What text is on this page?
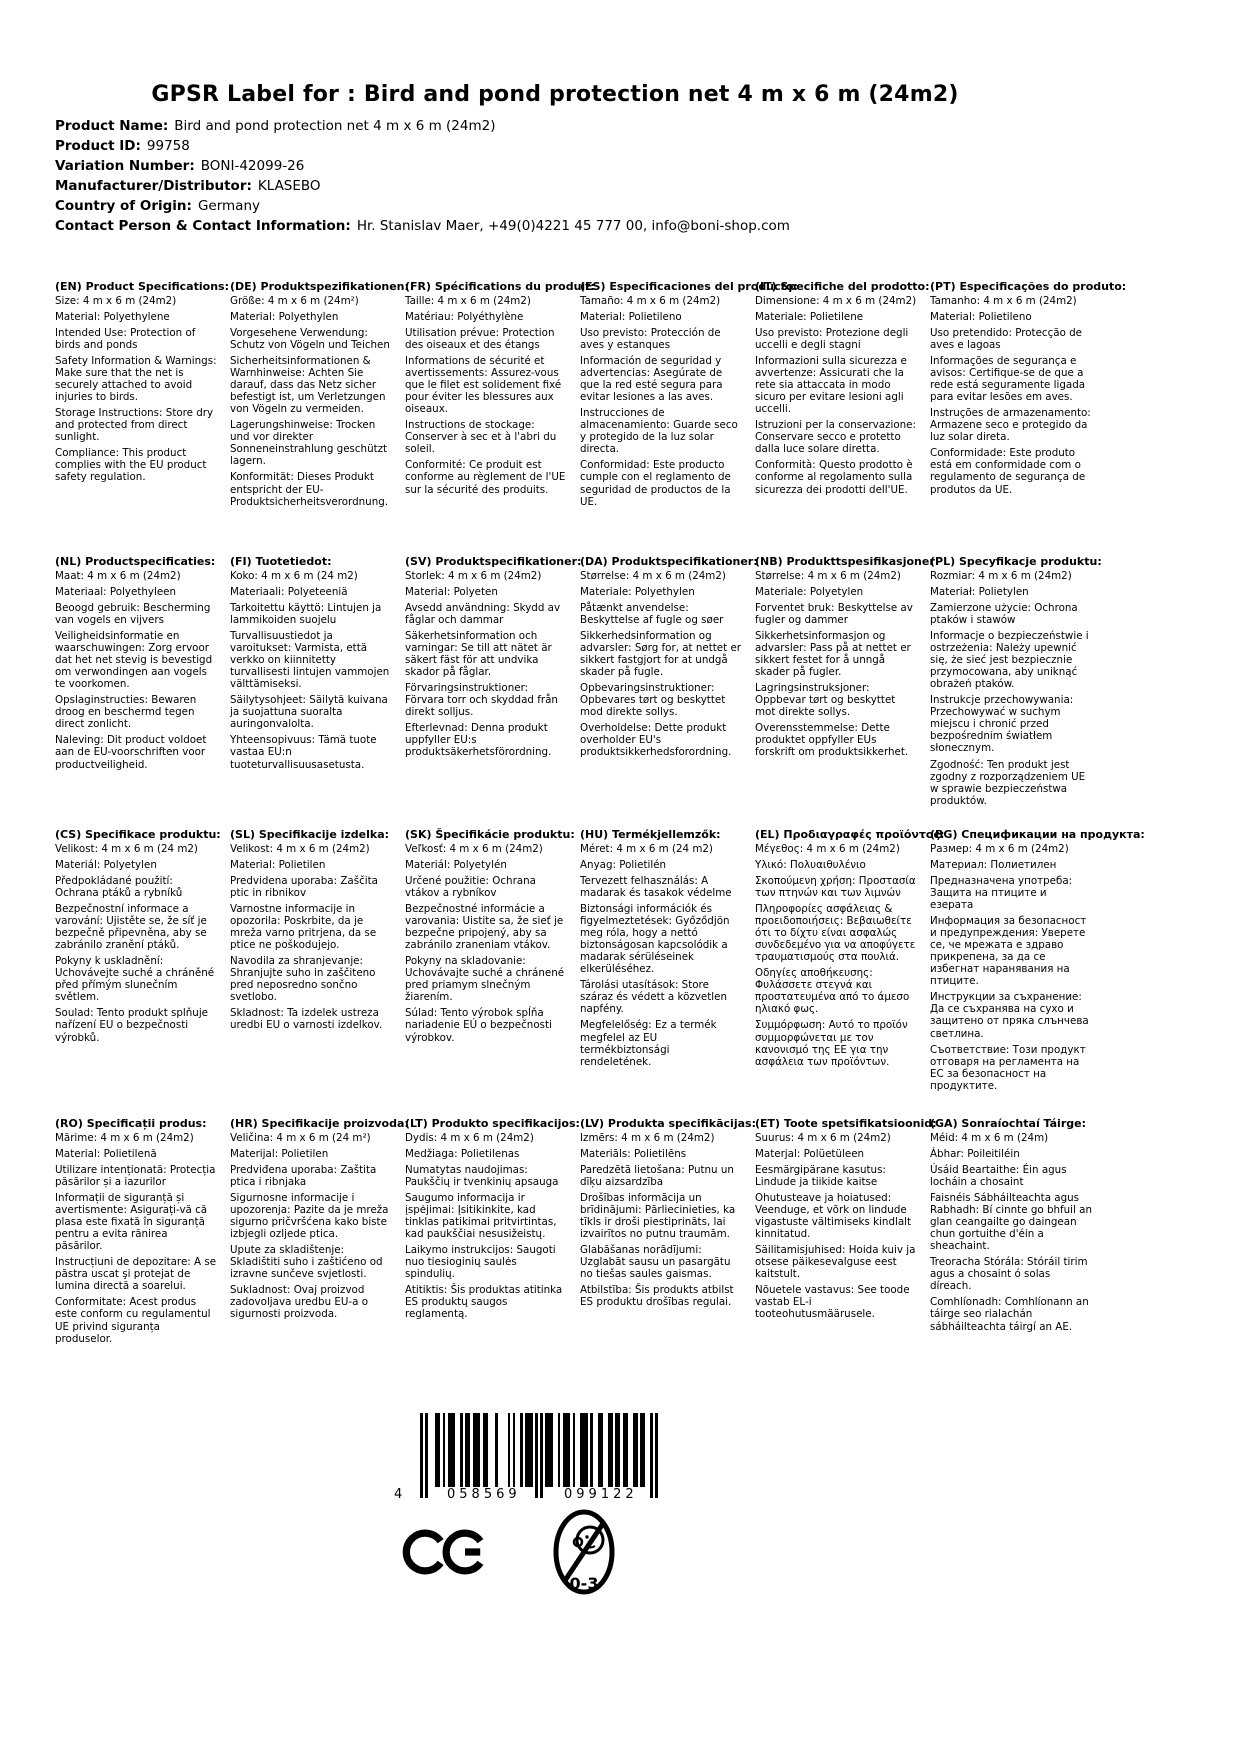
GPSR Label for : Bird and pond protection net 4 m x 6 m (24m2)
Product Name: Bird and pond protection net 4 m x 6 m (24m2)
Product ID: 99758
Variation Number: BONI-42099-26
Manufacturer/Distributor: KLASEBO
Country of Origin: Germany
Contact Person & Contact Information: Hr. Stanislav Maer, +49(0)4221 45 777 00, info@boni-shop.com
(EN) Product Specifications:

Size: 4 m x 6 m (24m2)

Material: Polyethylene

Intended Use: Protection of birds and ponds

Safety Information & Warnings: Make sure that the net is securely attached to avoid injuries to birds.

Storage Instructions: Store dry and protected from direct sunlight.

Compliance: This product complies with the EU product safety regulation.

(DE) Produktspezifikationen:

Größe: 4 m x 6 m (24m²)

Material: Polyethylen

Vorgesehene Verwendung: Schutz von Vögeln und Teichen

Sicherheitsinformationen & Warnhinweise: Achten Sie darauf, dass das Netz sicher befestigt ist, um Verletzungen von Vögeln zu vermeiden.

Lagerungshinweise: Trocken und vor direkter Sonneneinstrahlung geschützt lagern.

Konformität: Dieses Produkt entspricht der EU-Produktsicherheitsverordnung.

(FR) Spécifications du produit:

Taille: 4 m x 6 m (24m2)

Matériau: Polyéthylène

Utilisation prévue: Protection des oiseaux et des étangs

Informations de sécurité et avertissements: Assurez-vous que le filet est solidement fixé pour éviter les blessures aux oiseaux.

Instructions de stockage: Conserver à sec et à l'abri du soleil.

Conformité: Ce produit est conforme au règlement de l'UE sur la sécurité des produits.

(ES) Especificaciones del producto:

Tamaño: 4 m x 6 m (24m2)

Material: Polietileno

Uso previsto: Protección de aves y estanques

Información de seguridad y advertencias: Asegúrate de que la red esté segura para evitar lesiones a las aves.

Instrucciones de almacenamiento: Guarde seco y protegido de la luz solar directa.

Conformidad: Este producto cumple con el reglamento de seguridad de productos de la UE.

(IT) Specifiche del prodotto:

Dimensione: 4 m x 6 m (24m2)

Materiale: Polietilene

Uso previsto: Protezione degli uccelli e degli stagni

Informazioni sulla sicurezza e avvertenze: Assicurati che la rete sia attaccata in modo sicuro per evitare lesioni agli uccelli.

Istruzioni per la conservazione: Conservare secco e protetto dalla luce solare diretta.

Conformità: Questo prodotto è conforme al regolamento sulla sicurezza dei prodotti dell'UE.

(PT) Especificações do produto:

Tamanho: 4 m x 6 m (24m2)

Material: Polietileno

Uso pretendido: Protecção de aves e lagoas

Informações de segurança e avisos: Certifique-se de que a rede está seguramente ligada para evitar lesões em aves.

Instruções de armazenamento: Armazene seco e protegido da luz solar direta.

Conformidade: Este produto está em conformidade com o regulamento de segurança de produtos da UE.

(NL) Productspecificaties:

Maat: 4 m x 6 m (24m2)

Materiaal: Polyethyleen

Beoogd gebruik: Bescherming van vogels en vijvers

Veiligheidsinformatie en waarschuwingen: Zorg ervoor dat het net stevig is bevestigd om verwondingen aan vogels te voorkomen.

Opslaginstructies: Bewaren droog en beschermd tegen direct zonlicht.

Naleving: Dit product voldoet aan de EU-voorschriften voor productveiligheid.

(FI) Tuotetiedot:

Koko: 4 m x 6 m (24 m2)

Materiaali: Polyeteeniä

Tarkoitettu käyttö: Lintujen ja lammikoiden suojelu

Turvallisuustiedot ja varoitukset: Varmista, että verkko on kiinnitetty turvallisesti lintujen vammojen välttämiseksi.

Säilytysohjeet: Säilytä kuivana ja suojattuna suoralta auringonvalolta.

Yhteensopivuus: Tämä tuote vastaa EU:n tuoteturvallisuusasetusta.

(SV) Produktspecifikationer:

Storlek: 4 m x 6 m (24m2)

Material: Polyeten

Avsedd användning: Skydd av fåglar och dammar

Säkerhetsinformation och varningar: Se till att nätet är säkert fäst för att undvika skador på fåglar.

Förvaringsinstruktioner: Förvara torr och skyddad från direkt solljus.

Efterlevnad: Denna produkt uppfyller EU:s produktsäkerhetsförordning.

(DA) Produktspecifikationer:

Størrelse: 4 m x 6 m (24m2)

Materiale: Polyethylen

Påtænkt anvendelse: Beskyttelse af fugle og søer

Sikkerhedsinformation og advarsler: Sørg for, at nettet er sikkert fastgjort for at undgå skader på fugle.

Opbevaringsinstruktioner: Opbevares tørt og beskyttet mod direkte sollys.

Overholdelse: Dette produkt overholder EU's produktsikkerhedsforordning.

(NB) Produkttspesifikasjoner:

Størrelse: 4 m x 6 m (24m2)

Materiale: Polyetylen

Forventet bruk: Beskyttelse av fugler og dammer

Sikkerhetsinformasjon og advarsler: Pass på at nettet er sikkert festet for å unngå skader på fugler.

Lagringsinstruksjoner: Oppbevar tørt og beskyttet mot direkte sollys.

Overensstemmelse: Dette produktet oppfyller EUs forskrift om produktsikkerhet.

(PL) Specyfikacje produktu:

Rozmiar: 4 m x 6 m (24m2)

Materiał: Polietylen

Zamierzone użycie: Ochrona ptaków i stawów

Informacje o bezpieczeństwie i ostrzeżenia: Należy upewnić się, że sieć jest bezpiecznie przymocowana, aby uniknąć obrażeń ptaków.

Instrukcje przechowywania: Przechowywać w suchym miejscu i chronić przed bezpośrednim światłem słonecznym.

Zgodność: Ten produkt jest zgodny z rozporządzeniem UE w sprawie bezpieczeństwa produktów.

(CS) Specifikace produktu:

Velikost: 4 m x 6 m (24 m2)

Materiál: Polyetylen

Předpokládané použití: Ochrana ptáků a rybníků

Bezpečnostní informace a varování: Ujistěte se, že síť je bezpečně připevněna, aby se zabránilo zranění ptáků.

Pokyny k uskladnění: Uchovávejte suché a chráněné před přímým slunečním světlem.

Soulad: Tento produkt splňuje nařízení EU o bezpečnosti výrobků.

(SL) Specifikacije izdelka:

Velikost: 4 m x 6 m (24m2)

Material: Polietilen

Predvidena uporaba: Zaščita ptic in ribnikov

Varnostne informacije in opozorila: Poskrbite, da je mreža varno pritrjena, da se ptice ne poškodujejo.

Navodila za shranjevanje: Shranjujte suho in zaščiteno pred neposredno sončno svetlobo.

Skladnost: Ta izdelek ustreza uredbi EU o varnosti izdelkov.

(SK) Špecifikácie produktu:

Veľkosť: 4 m x 6 m (24m2)

Materiál: Polyetylén

Určené použitie: Ochrana vtákov a rybníkov

Bezpečnostné informácie a varovania: Uistite sa, že sieť je bezpečne pripojený, aby sa zabránilo zraneniam vtákov.

Pokyny na skladovanie: Uchovávajte suché a chránené pred priamym slnečným žiarením.

Súlad: Tento výrobok spĺňa nariadenie EÚ o bezpečnosti výrobkov.

(HU) Termékjellemzők:

Méret: 4 m x 6 m (24 m2)

Anyag: Polietilén

Tervezett felhasználás: A madarak és tasakok védelme

Biztonsági információk és figyelmeztetések: Győződjön meg róla, hogy a nettó biztonságosan kapcsolódik a madarak sérüléseinek elkerüléséhez.

Tárolási utasítások: Store száraz és védett a közvetlen napfény.

Megfelelőség: Ez a termék megfelel az EU termékbiztonsági rendeletének.

(EL) Προδιαγραφές προϊόντος:

Μέγεθος: 4 m x 6 m (24m2)

Υλικό: Πολυαιθυλένιο

Σκοπούμενη χρήση: Προστασία των πτηνών και των λιμνών

Πληροφορίες ασφάλειας & προειδοποιήσεις: Βεβαιωθείτε ότι το δίχτυ είναι ασφαλώς συνδεδεμένο για να αποφύγετε τραυματισμούς στα πουλιά.

Οδηγίες αποθήκευσης: Φυλάσσετε στεγνά και προστατευμένα από το άμεσο ηλιακό φως.

Συμμόρφωση: Αυτό το προϊόν συμμορφώνεται με τον κανονισμό της ΕΕ για την ασφάλεια των προϊόντων.

(BG) Спецификации на продукта:

Размер: 4 m x 6 m (24m2)

Материал: Полиетилен

Предназначена употреба: Защита на птиците и езерата

Информация за безопасност и предупреждения: Уверете се, че мрежата е здраво прикрепена, за да се избегнат наранявания на птиците.

Инструкции за съхранение: Да се съхранява на сухо и защитено от пряка слънчева светлина.

Съответствие: Този продукт отговаря на регламента на ЕС за безопасност на продуктите.

(RO) Specificații produs:

Mărime: 4 m x 6 m (24m2)

Material: Polietilenă

Utilizare intenționată: Protecția păsărilor și a iazurilor

Informații de siguranță și avertismente: Asigurați-vă că plasa este fixată în siguranță pentru a evita rănirea păsărilor.

Instrucțiuni de depozitare: A se păstra uscat şi protejat de lumina directă a soarelui.

Conformitate: Acest produs este conform cu regulamentul UE privind siguranța produselor.

(HR) Specifikacije proizvoda:

Veličina: 4 m x 6 m (24 m²)

Materijal: Polietilen

Predviđena uporaba: Zaštita ptica i ribnjaka

Sigurnosne informacije i upozorenja: Pazite da je mreža sigurno pričvršćena kako biste izbjegli ozljede ptica.

Upute za skladištenje: Skladištiti suho i zaštićeno od izravne sunčeve svjetlosti.

Sukladnost: Ovaj proizvod zadovoljava uredbu EU-a o sigurnosti proizvoda.

(LT) Produkto specifikacijos:

Dydis: 4 m x 6 m (24m2)

Medžiaga: Polietilenas

Numatytas naudojimas: Paukščių ir tvenkinių apsauga

Saugumo informacija ir įspėjimai: Įsitikinkite, kad tinklas patikimai pritvirtintas, kad paukščiai nesusižeistų.

Laikymo instrukcijos: Saugoti nuo tiesioginių saulės spindulių.

Atitiktis: Šis produktas atitinka ES produktų saugos reglamentą.

(LV) Produkta specifikācijas:

Izmērs: 4 m x 6 m (24m2)

Materiāls: Polietilēns

Paredzētā lietošana: Putnu un dīķu aizsardzība

Drošības informācija un brīdinājumi: Pārliecinieties, ka tīkls ir droši piestiprināts, lai izvairītos no putnu traumām.

Glabāšanas norādījumi: Uzglabāt sausu un pasargātu no tiešas saules gaismas.

Atbilstība: Šis produkts atbilst ES produktu drošības regulai.

(ET) Toote spetsifikatsioonid:

Suurus: 4 m x 6 m (24m2)

Materjal: Polüetüleen

Eesmärgipärane kasutus: Lindude ja tiikide kaitse

Ohutusteave ja hoiatused: Veenduge, et võrk on lindude vigastuste vältimiseks kindlalt kinnitatud.

Säilitamisjuhised: Hoida kuiv ja otsese päikesevalguse eest kaitstult.

Nõuetele vastavus: See toode vastab EL-i tooteohutusmäärusele.

(GA) Sonraíochtaí Táirge:

Méid: 4 m x 6 m (24m)

Ábhar: Poileitiléin

Úsáid Beartaithe: Éin agus locháin a chosaint

Faisnéis Sábháilteachta agus Rabhadh: Bí cinnte go bhfuil an glan ceangailte go daingean chun gortuithe d'éin a sheachaint.

Treoracha Stórála: Stóráil tirim agus a chosaint ó solas díreach.

Comhlíonadh: Comhlíonann an táirge seo rialachán sábháilteachta táirgí an AE.

4	058569	099122
0-3
